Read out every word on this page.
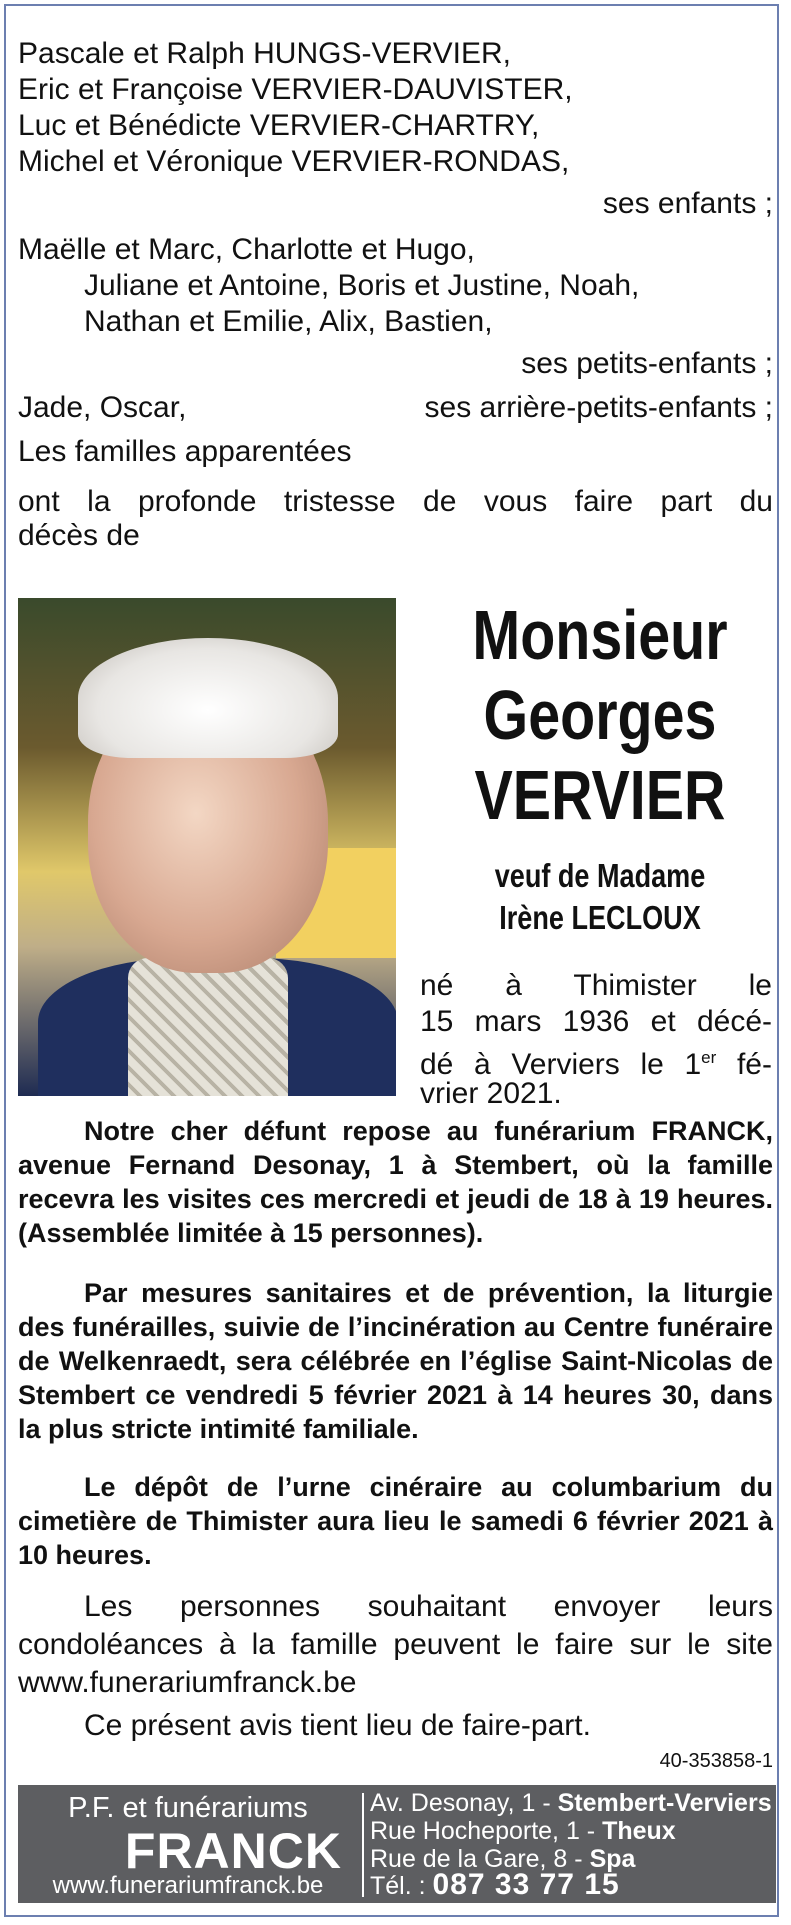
Pascale et Ralph HUNGS-VERVIER,
Eric et Françoise VERVIER-DAUVISTER,
Luc et Bénédicte VERVIER-CHARTRY,
Michel et Véronique VERVIER-RONDAS,
ses enfants ;
Maëlle et Marc, Charlotte et Hugo,
Juliane et Antoine, Boris et Justine, Noah,
Nathan et Emilie, Alix, Bastien,
ses petits-enfants ;
Jade, Oscar,	ses arrière-petits-enfants ;
Les familles apparentées
ont la profonde tristesse de vous faire part du
décès de
Monsieur
Georges
VERVIER
veuf de Madame
Irène LECLOUX
né à Thimister le
15 mars 1936 et décé-
dé à Verviers le 1er fé-
vrier 2021.
Notre cher défunt repose au funérarium FRANCK, avenue Fernand Desonay, 1 à Stembert, où la famille recevra les visites ces mercredi et jeudi de 18 à 19 heures. (Assemblée limitée à 15 personnes).
Par mesures sanitaires et de prévention, la liturgie des funérailles, suivie de l’incinération au Centre funéraire de Welkenraedt, sera célébrée en l’église Saint-Nicolas de Stembert ce vendredi 5 février 2021 à 14 heures 30, dans la plus stricte intimité familiale.
Le dépôt de l’urne cinéraire au columbarium du cimetière de Thimister aura lieu le samedi 6 février 2021 à 10 heures.
Les personnes souhaitant envoyer leurs condoléances à la famille peuvent le faire sur le site www.funerariumfranck.be
Ce présent avis tient lieu de faire-part.
40-353858-1
P.F. et funérariums
FRANCK
www.funerariumfranck.be
Av. Desonay, 1 - Stembert-Verviers
Rue Hocheporte, 1 - Theux
Rue de la Gare, 8 - Spa
Tél. : 087 33 77 15
